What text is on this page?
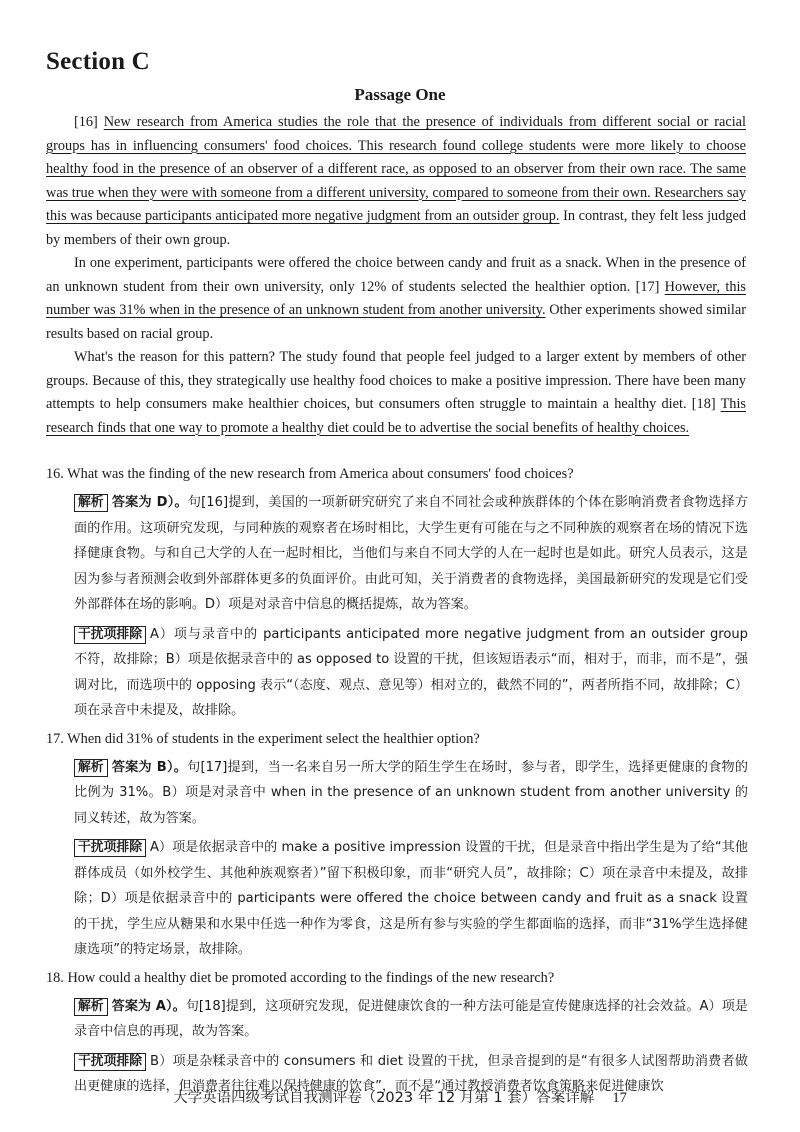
Section C
Passage One

[16] New research from America studies the role that the presence of individuals from different social or racial groups has in influencing consumers' food choices. This research found college students were more likely to choose healthy food in the presence of an observer of a different race, as opposed to an observer from their own race. The same was true when they were with someone from a different university, compared to someone from their own. Researchers say this was because participants anticipated more negative judgment from an outsider group. In contrast, they felt less judged by members of their own group.

In one experiment, participants were offered the choice between candy and fruit as a snack. When in the presence of an unknown student from their own university, only 12% of students selected the healthier option. [17] However, this number was 31% when in the presence of an unknown student from another university. Other experiments showed similar results based on racial group.

What's the reason for this pattern? The study found that people feel judged to a larger extent by members of other groups. Because of this, they strategically use healthy food choices to make a positive impression. There have been many attempts to help consumers make healthier choices, but consumers often struggle to maintain a healthy diet. [18] This research finds that one way to promote a healthy diet could be to advertise the social benefits of healthy choices.

16. What was the finding of the new research from America about consumers' food choices?

解析 答案为 D）。句[16]提到，美国的一项新研究研究了来自不同社会或种族群体的个体在影响消费者食物选择方面的作用。这项研究发现，与同种族的观察者在场时相比，大学生更有可能在与之不同种族的观察者在场的情况下选择健康食物。与和自己大学的人在一起时相比，当他们与来自不同大学的人在一起时也是如此。研究人员表示，这是因为参与者预测会收到外部群体更多的负面评价。由此可知，关于消费者的食物选择，美国最新研究的发现是它们受外部群体在场的影响。D）项是对录音中信息的概括提炼，故为答案。
干扰项排除 A）项与录音中的 participants anticipated more negative judgment from an outsider group 不符，故排除；B）项是依据录音中的 as opposed to 设置的干扰，但该短语表示“而，相对于，而非，而不是”，强调对比，而选项中的 opposing 表示“（态度、观点、意见等）相对立的，截然不同的”，两者所指不同，故排除；C）项在录音中未提及，故排除。

17. When did 31% of students in the experiment select the healthier option?

解析 答案为 B）。句[17]提到，当一名来自另一所大学的陌生学生在场时，参与者，即学生，选择更健康的食物的比例为 31%。B）项是对录音中 when in the presence of an unknown student from another university 的同义转述，故为答案。
干扰项排除 A）项是依据录音中的 make a positive impression 设置的干扰，但是录音中指出学生是为了给“其他群体成员（如外校学生、其他种族观察者）”留下积极印象，而非“研究人员”，故排除；C）项在录音中未提及，故排除；D）项是依据录音中的 participants were offered the choice between candy and fruit as a snack 设置的干扰，学生应从糖果和水果中任选一种作为零食，这是所有参与实验的学生都面临的选择，而非“31%学生选择健康选项”的特定场景，故排除。

18. How could a healthy diet be promoted according to the findings of the new research?

解析 答案为 A）。句[18]提到，这项研究发现，促进健康饮食的一种方法可能是宣传健康选择的社会效益。A）项是录音中信息的再现，故为答案。
干扰项排除 B）项是杂糅录音中的 consumers 和 diet 设置的干扰，但录音提到的是“有很多人试图帮助消费者做出更健康的选择，但消费者往往难以保持健康的饮食”，而不是“通过教授消费者饮食策略来促进健康饮
大学英语四级考试自我测评卷（2023 年 12 月第 1 套）答案详解 17
